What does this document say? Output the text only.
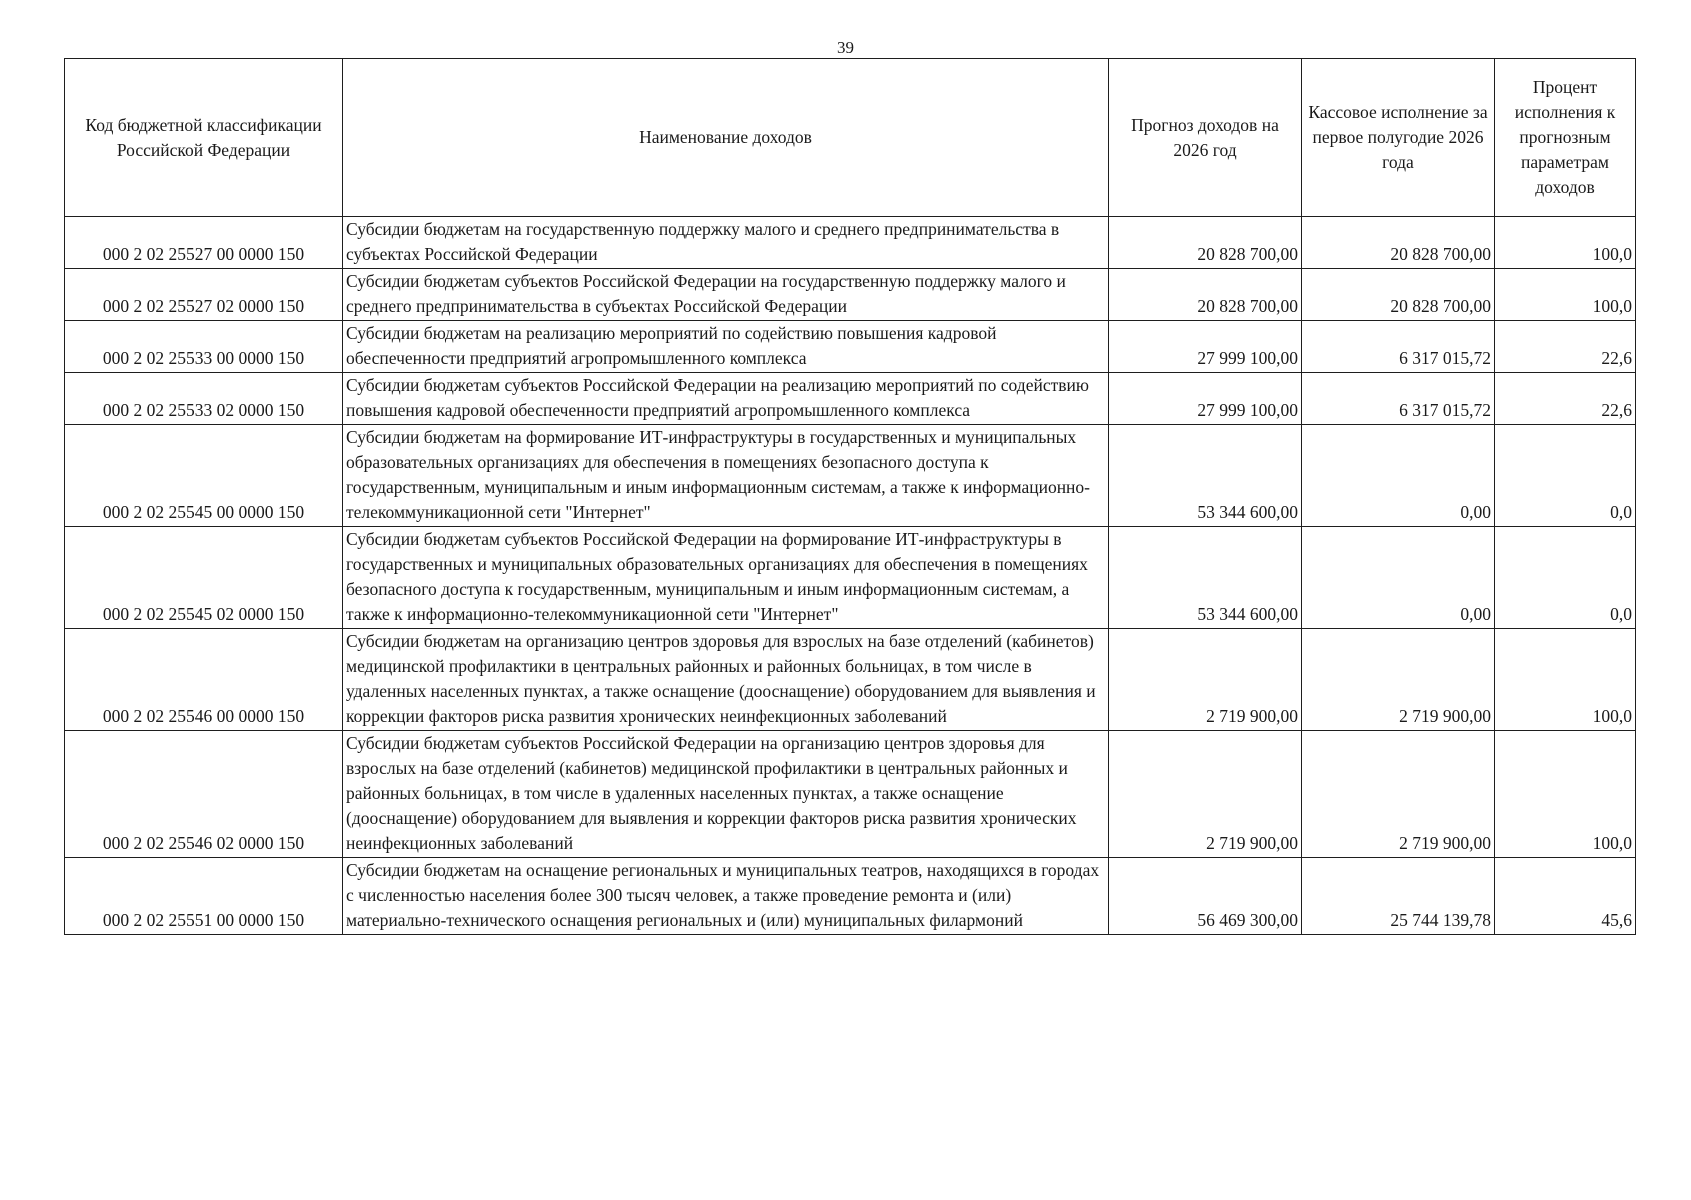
39
Код бюджетной классификации Российской Федерации	Наименование доходов	Прогноз доходов на 2026 год	Кассовое исполнение за первое полугодие 2026 года	Процент исполнения к прогнозным параметрам доходов
000 2 02 25527 00 0000 150	Субсидии бюджетам на государственную поддержку малого и среднего предпринимательства в субъектах Российской Федерации	20 828 700,00	20 828 700,00	100,0
000 2 02 25527 02 0000 150	Субсидии бюджетам субъектов Российской Федерации на государственную поддержку малого и среднего предпринимательства в субъектах Российской Федерации	20 828 700,00	20 828 700,00	100,0
000 2 02 25533 00 0000 150	Субсидии бюджетам на реализацию мероприятий по содействию повышения кадровой обеспеченности предприятий агропромышленного комплекса	27 999 100,00	6 317 015,72	22,6
000 2 02 25533 02 0000 150	Субсидии бюджетам субъектов Российской Федерации на реализацию мероприятий по содействию повышения кадровой обеспеченности предприятий агропромышленного комплекса	27 999 100,00	6 317 015,72	22,6
000 2 02 25545 00 0000 150	Субсидии бюджетам на формирование ИТ-инфраструктуры в государственных и муниципальных образовательных организациях для обеспечения в помещениях безопасного доступа к государственным, муниципальным и иным информационным системам, а также к информационно-телекоммуникационной сети "Интернет"	53 344 600,00	0,00	0,0
000 2 02 25545 02 0000 150	Субсидии бюджетам субъектов Российской Федерации на формирование ИТ-инфраструктуры в государственных и муниципальных образовательных организациях для обеспечения в помещениях безопасного доступа к государственным, муниципальным и иным информационным системам, а также к информационно-телекоммуникационной сети "Интернет"	53 344 600,00	0,00	0,0
000 2 02 25546 00 0000 150	Субсидии бюджетам на организацию центров здоровья для взрослых на базе отделений (кабинетов) медицинской профилактики в центральных районных и районных больницах, в том числе в удаленных населенных пунктах, а также оснащение (дооснащение) оборудованием для выявления и коррекции факторов риска развития хронических неинфекционных заболеваний	2 719 900,00	2 719 900,00	100,0
000 2 02 25546 02 0000 150	Субсидии бюджетам субъектов Российской Федерации на организацию центров здоровья для взрослых на базе отделений (кабинетов) медицинской профилактики в центральных районных и районных больницах, в том числе в удаленных населенных пунктах, а также оснащение (дооснащение) оборудованием для выявления и коррекции факторов риска развития хронических неинфекционных заболеваний	2 719 900,00	2 719 900,00	100,0
000 2 02 25551 00 0000 150	Субсидии бюджетам на оснащение региональных и муниципальных театров, находящихся в городах с численностью населения более 300 тысяч человек, а также проведение ремонта и (или) материально-технического оснащения региональных и (или) муниципальных филармоний	56 469 300,00	25 744 139,78	45,6
